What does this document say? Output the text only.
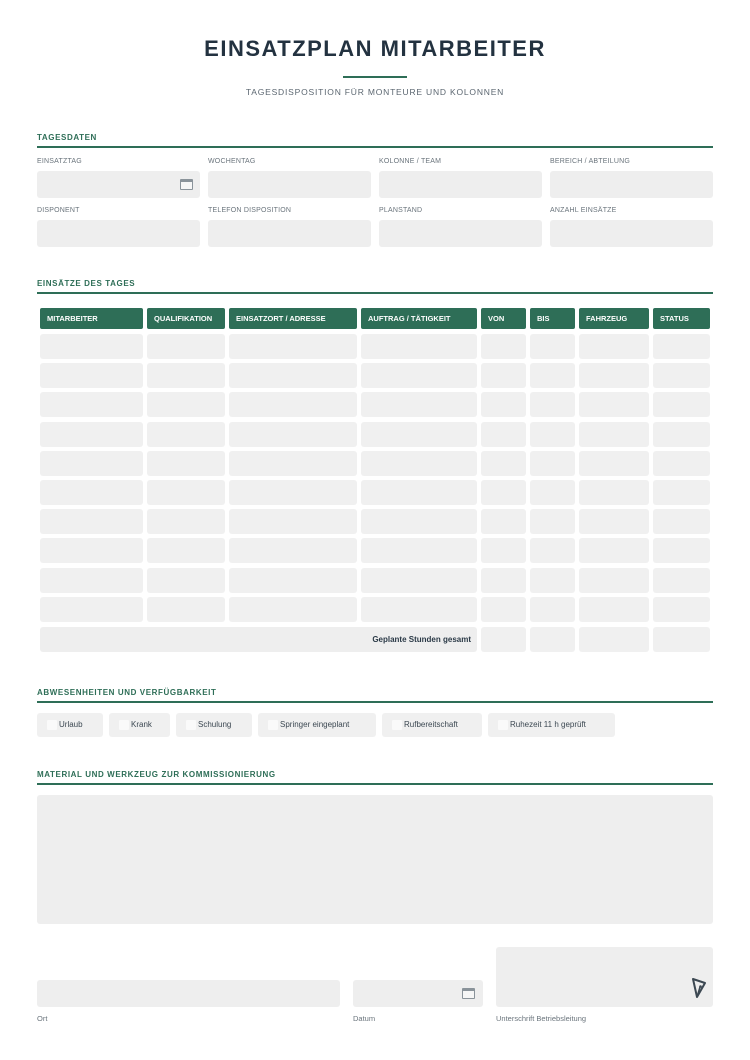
EINSATZPLAN MITARBEITER
TAGESDISPOSITION FÜR MONTEURE UND KOLONNEN
TAGESDATEN
EINSATZTAG	WOCHENTAG	KOLONNE / TEAM	BEREICH / ABTEILUNG
DISPONENT	TELEFON DISPOSITION	PLANSTAND	ANZAHL EINSÄTZE
EINSÄTZE DES TAGES
MITARBEITER	QUALIFIKATION	EINSATZORT / ADRESSE	AUFTRAG / TÄTIGKEIT	VON	BIS	FAHRZEUG	STATUS
Geplante Stunden gesamt
ABWESENHEITEN UND VERFÜGBARKEIT
Urlaub	Krank	Schulung	Springer eingeplant	Rufbereitschaft	Ruhezeit 11 h geprüft
MATERIAL UND WERKZEUG ZUR KOMMISSIONIERUNG
Ort	Datum	Unterschrift Betriebsleitung
